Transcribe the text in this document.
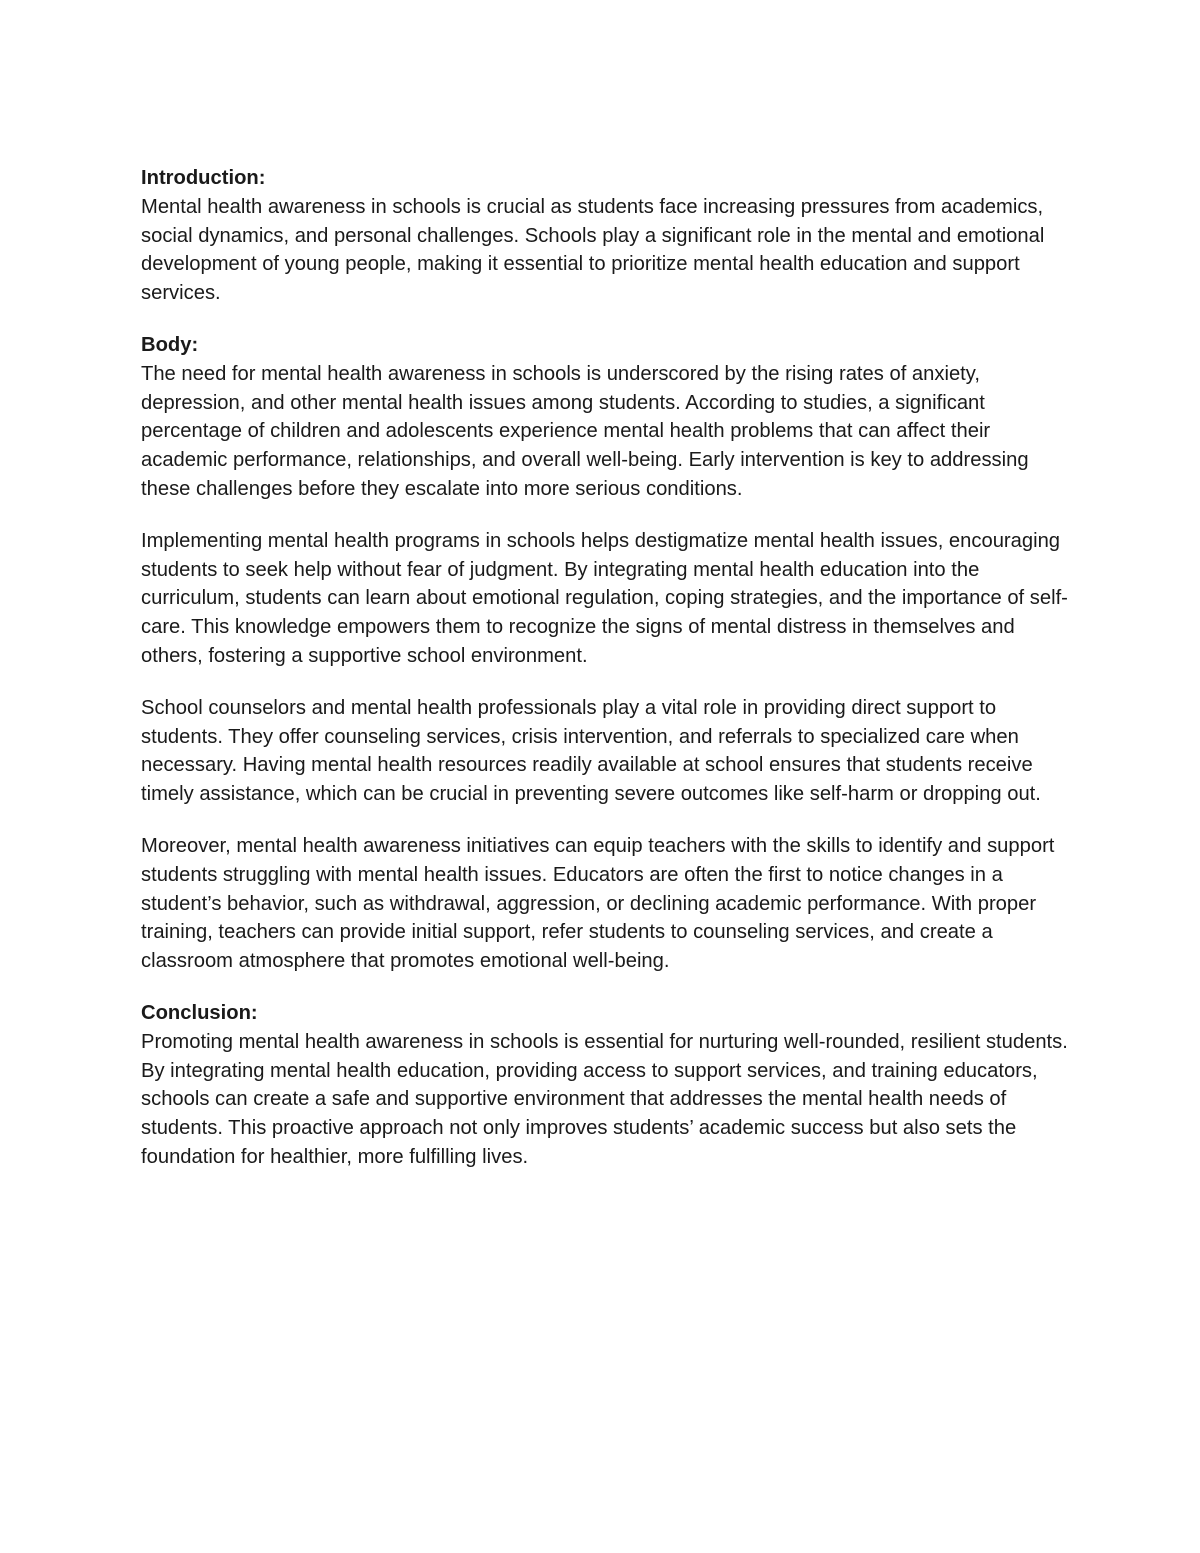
Introduction:

Mental health awareness in schools is crucial as students face increasing pressures from academics, social dynamics, and personal challenges. Schools play a significant role in the mental and emotional development of young people, making it essential to prioritize mental health education and support services.

Body:

The need for mental health awareness in schools is underscored by the rising rates of anxiety, depression, and other mental health issues among students. According to studies, a significant percentage of children and adolescents experience mental health problems that can affect their academic performance, relationships, and overall well-being. Early intervention is key to addressing these challenges before they escalate into more serious conditions.

Implementing mental health programs in schools helps destigmatize mental health issues, encouraging students to seek help without fear of judgment. By integrating mental health education into the curriculum, students can learn about emotional regulation, coping strategies, and the importance of self-care. This knowledge empowers them to recognize the signs of mental distress in themselves and others, fostering a supportive school environment.

School counselors and mental health professionals play a vital role in providing direct support to students. They offer counseling services, crisis intervention, and referrals to specialized care when necessary. Having mental health resources readily available at school ensures that students receive timely assistance, which can be crucial in preventing severe outcomes like self-harm or dropping out.

Moreover, mental health awareness initiatives can equip teachers with the skills to identify and support students struggling with mental health issues. Educators are often the first to notice changes in a student’s behavior, such as withdrawal, aggression, or declining academic performance. With proper training, teachers can provide initial support, refer students to counseling services, and create a classroom atmosphere that promotes emotional well-being.

Conclusion:

Promoting mental health awareness in schools is essential for nurturing well-rounded, resilient students. By integrating mental health education, providing access to support services, and training educators, schools can create a safe and supportive environment that addresses the mental health needs of students. This proactive approach not only improves students’ academic success but also sets the foundation for healthier, more fulfilling lives.
